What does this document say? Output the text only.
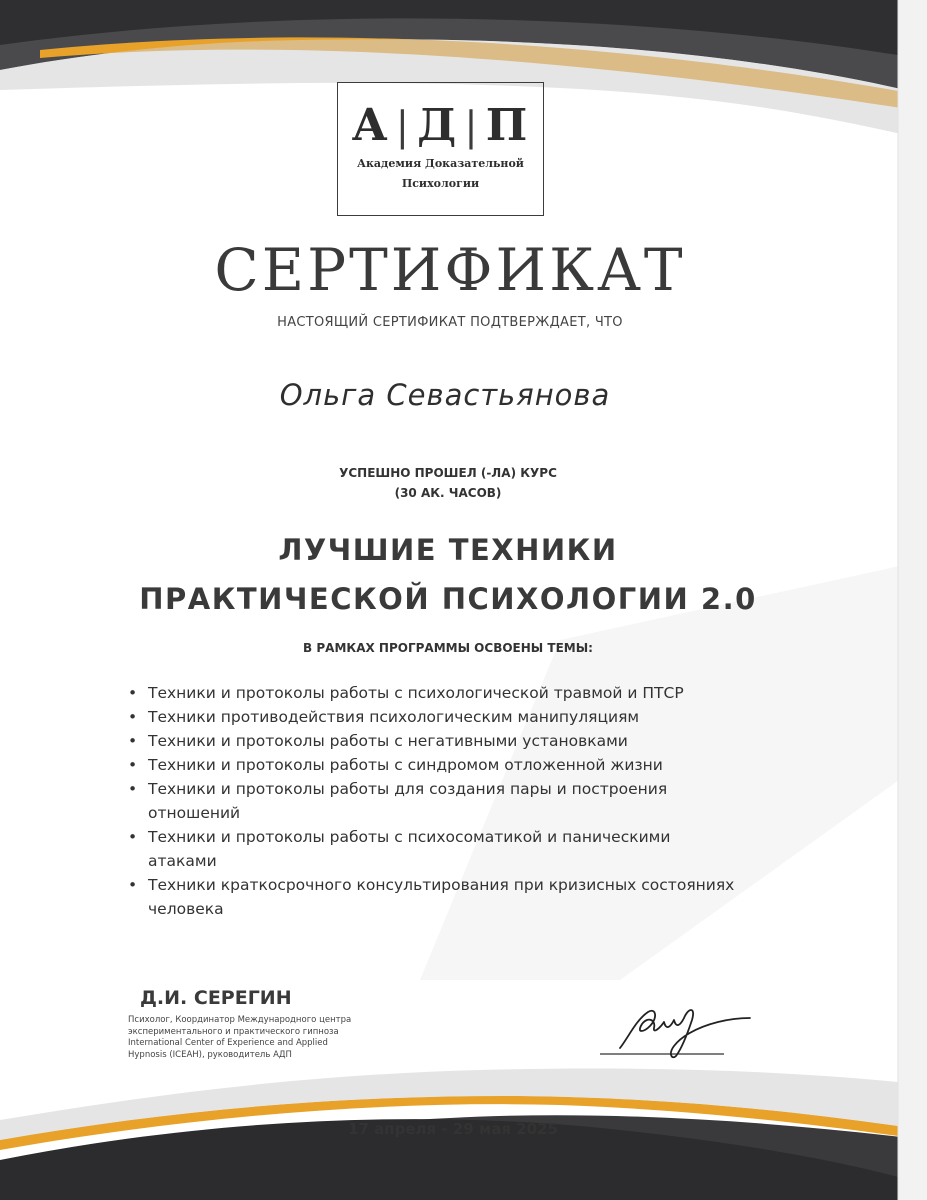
А | Д | П
Академия Доказательной
Психологии
СЕРТИФИКАТ
НАСТОЯЩИЙ СЕРТИФИКАТ ПОДТВЕРЖДАЕТ, ЧТО
Ольга Севастьянова
УСПЕШНО ПРОШЕЛ (-ЛА) КУРС
(30 АК. ЧАСОВ)
ЛУЧШИЕ ТЕХНИКИ
ПРАКТИЧЕСКОЙ ПСИХОЛОГИИ 2.0
В РАМКАХ ПРОГРАММЫ ОСВОЕНЫ ТЕМЫ:
• Техники и протоколы работы с психологической травмой и ПТСР
• Техники противодействия психологическим манипуляциям
• Техники и протоколы работы с негативными установками
• Техники и протоколы работы с синдромом отложенной жизни
• Техники и протоколы работы для создания пары и построения отношений
• Техники и протоколы работы с психосоматикой и паническими атаками
• Техники краткосрочного консультирования при кризисных состояниях человека
Д.И. СЕРЕГИН
Психолог, Координатор Международного центра экспериментального и практического гипноза International Center of Experience and Applied Hypnosis (ICEAH), руководитель АДП
17 апреля - 29 мая 2025
